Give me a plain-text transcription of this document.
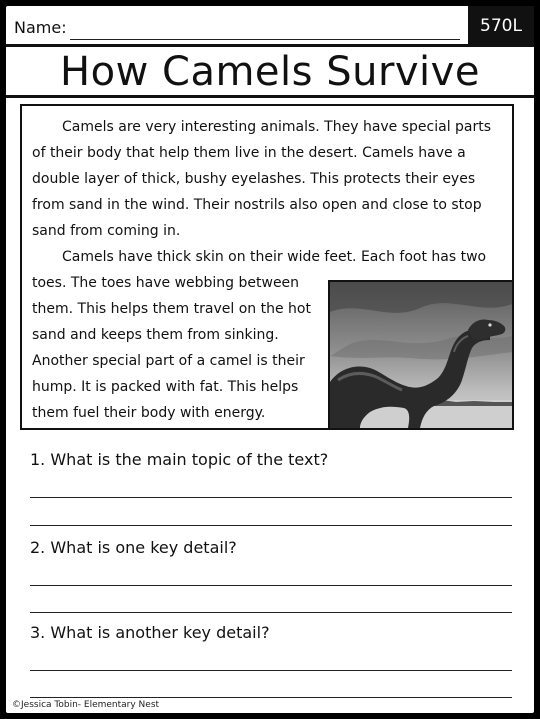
Name:	570L
How Camels Survive

Camels are very interesting animals. They have special parts of their body that help them live in the desert. Camels have a double layer of thick, bushy eyelashes. This protects their eyes from sand in the wind. Their nostrils also open and close to stop sand from coming in.

Camels have thick skin on their wide feet. Each foot has two

toes. The toes have webbing between them. This helps them travel on the hot sand and keeps them from sinking. Another special part of a camel is their hump. It is packed with fat. This helps them fuel their body with energy.

1. What is the main topic of the text?
2. What is one key detail?
3. What is another key detail?
©Jessica Tobin- Elementary Nest
